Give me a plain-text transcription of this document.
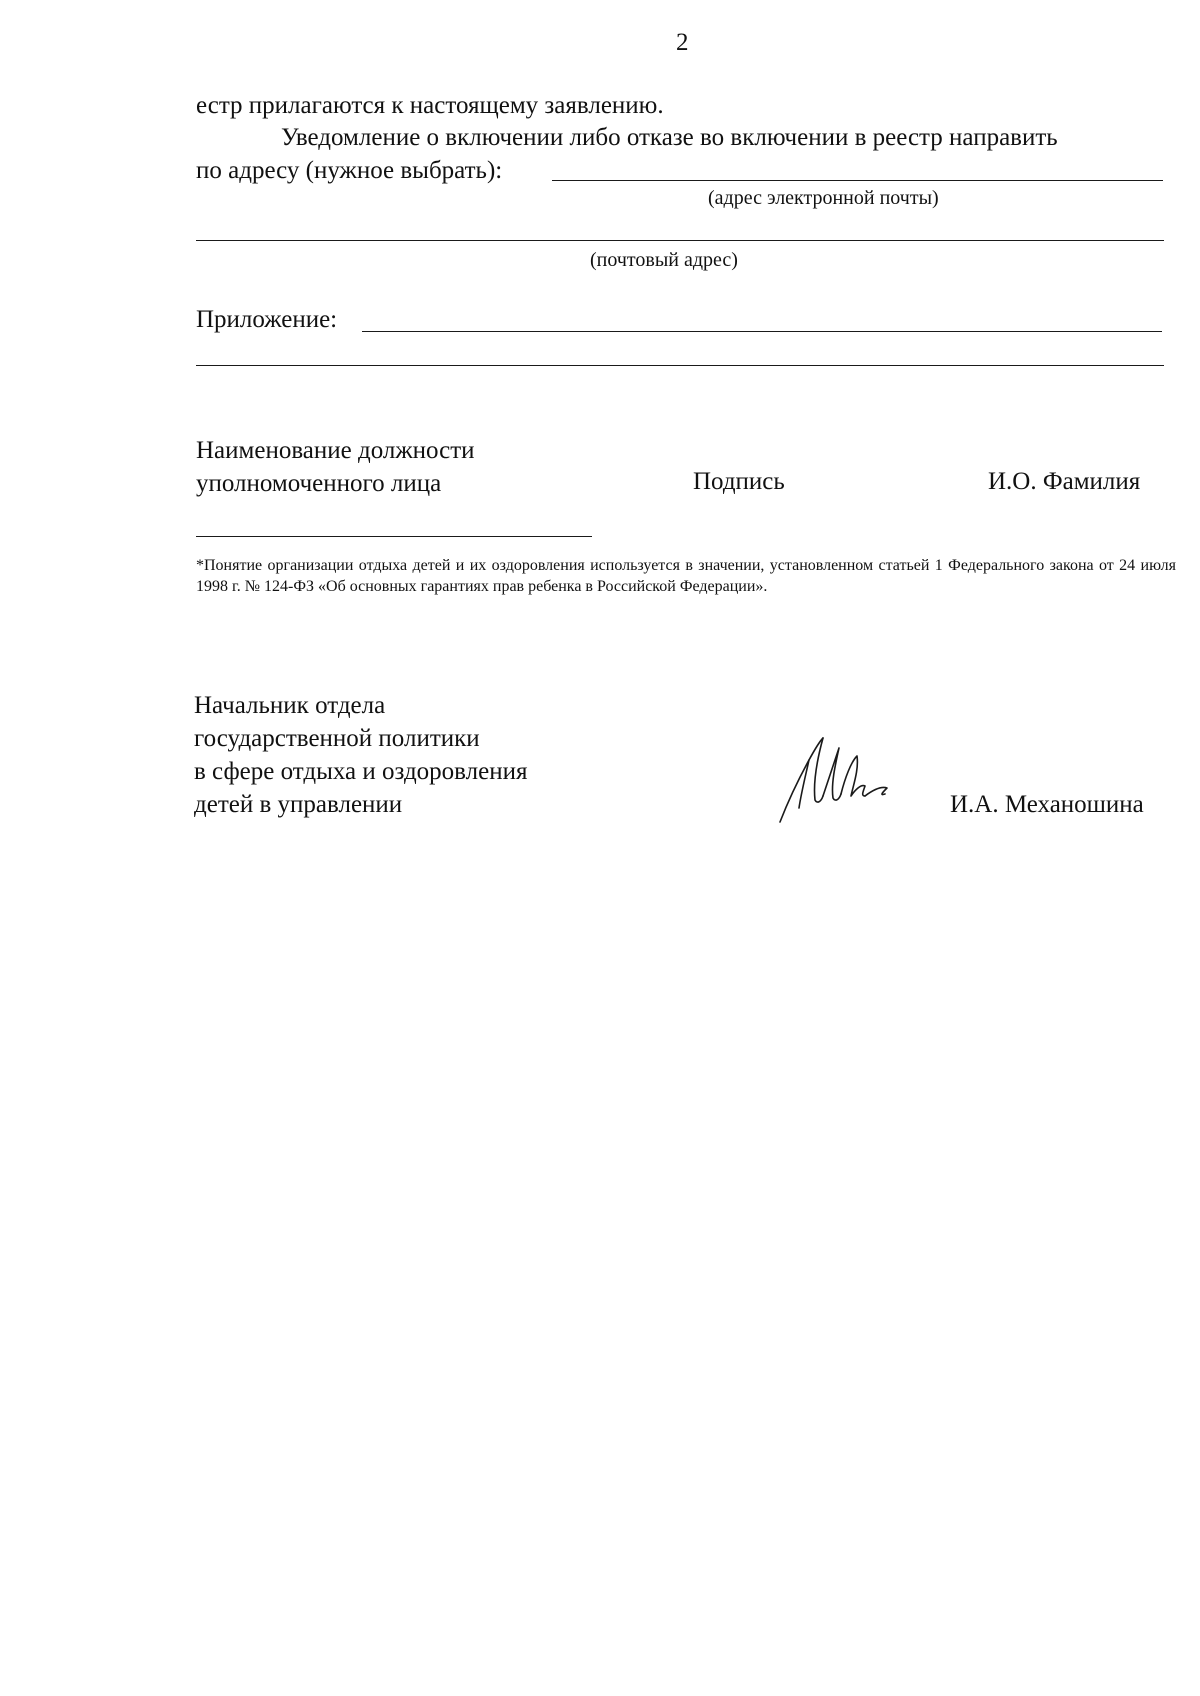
2
естр прилагаются к настоящему заявлению.
Уведомление о включении либо отказе во включении в реестр направить
по адресу (нужное выбрать):
(адрес электронной почты)
(почтовый адрес)
Приложение:
Наименование должности
уполномоченного лица	Подпись	И.О. Фамилия
*Понятие организации отдыха детей и их оздоровления используется в значении, установленном статьей 1 Федерального закона от 24 июля 1998 г. № 124-ФЗ «Об основных гарантиях прав ребенка в Российской Федерации».
Начальник отдела
государственной политики
в сфере отдыха и оздоровления
детей в управлении	И.А. Механошина
